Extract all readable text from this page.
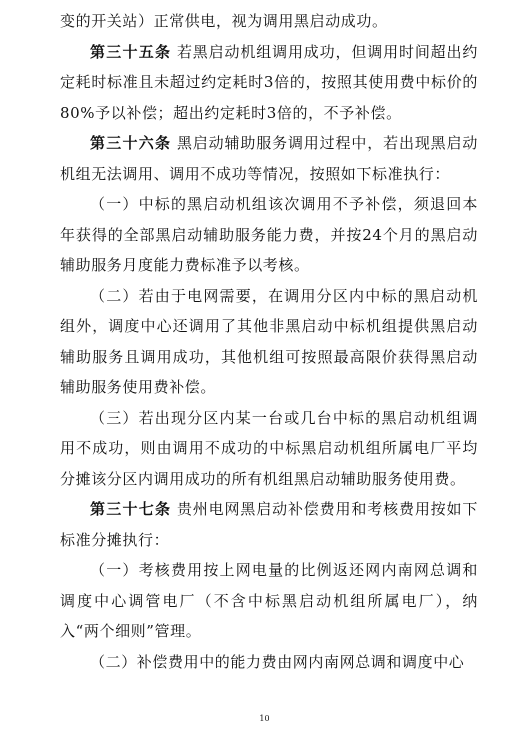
变的开关站）正常供电，视为调用黑启动成功。

第三十五条 若黑启动机组调用成功，但调用时间超出约定耗时标准且未超过约定耗时3倍的，按照其使用费中标价的80%予以补偿；超出约定耗时3倍的，不予补偿。

第三十六条 黑启动辅助服务调用过程中，若出现黑启动机组无法调用、调用不成功等情况，按照如下标准执行：

（一）中标的黑启动机组该次调用不予补偿，须退回本年获得的全部黑启动辅助服务能力费，并按24个月的黑启动辅助服务月度能力费标准予以考核。

（二）若由于电网需要，在调用分区内中标的黑启动机组外，调度中心还调用了其他非黑启动中标机组提供黑启动辅助服务且调用成功，其他机组可按照最高限价获得黑启动辅助服务使用费补偿。

（三）若出现分区内某一台或几台中标的黑启动机组调用不成功，则由调用不成功的中标黑启动机组所属电厂平均分摊该分区内调用成功的所有机组黑启动辅助服务使用费。

第三十七条 贵州电网黑启动补偿费用和考核费用按如下标准分摊执行：

（一）考核费用按上网电量的比例返还网内南网总调和调度中心调管电厂（不含中标黑启动机组所属电厂），纳入“两个细则”管理。

（二）补偿费用中的能力费由网内南网总调和调度中心

10
